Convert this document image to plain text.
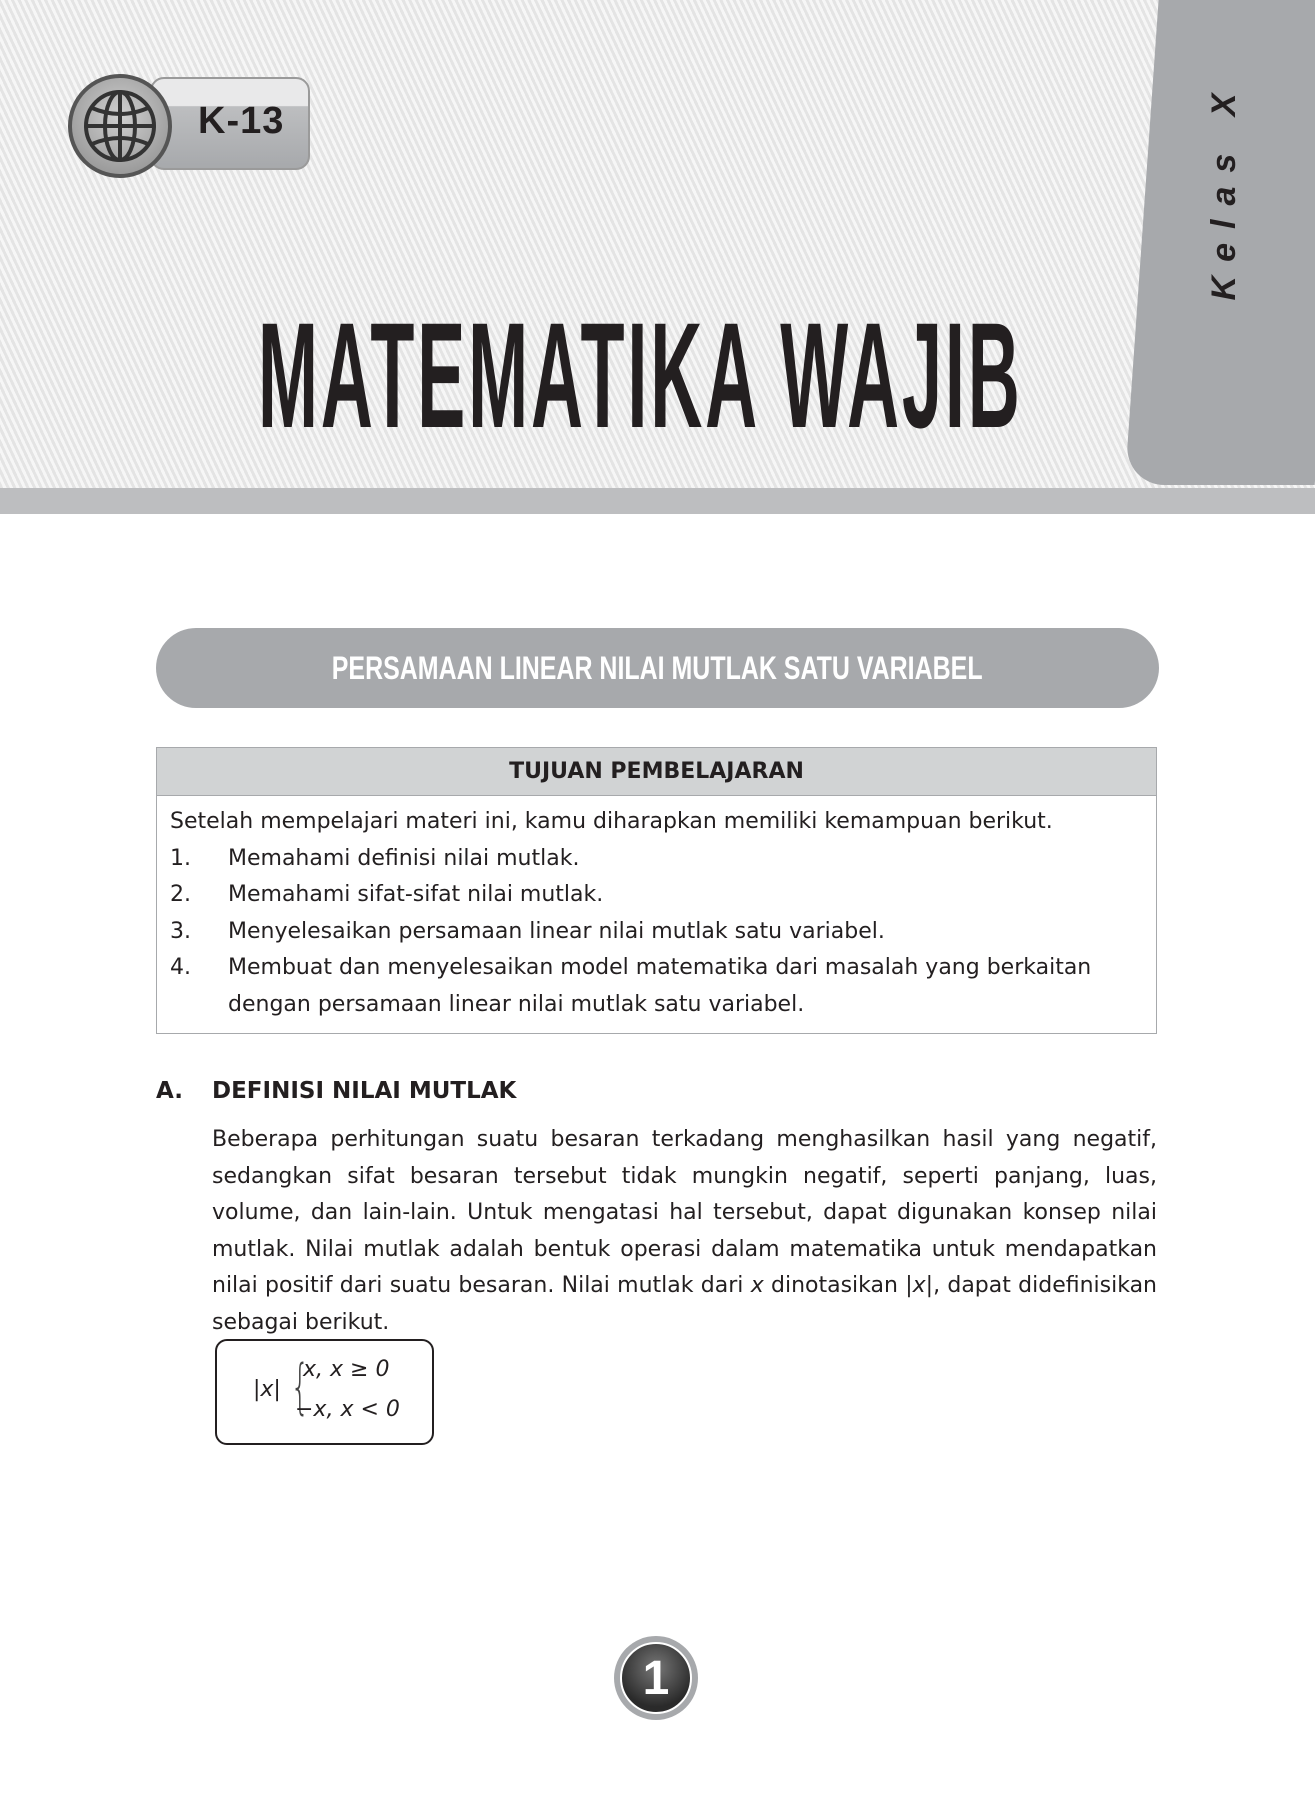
Kelas X
K-13
MATEMATIKA WAJIB
PERSAMAAN LINEAR NILAI MUTLAK SATU VARIABEL
TUJUAN PEMBELAJARAN
Setelah mempelajari materi ini, kamu diharapkan memiliki kemampuan berikut.
1.	Memahami definisi nilai mutlak.
2.	Memahami sifat-sifat nilai mutlak.
3.	Menyelesaikan persamaan linear nilai mutlak satu variabel.
4.	Membuat dan menyelesaikan model matematika dari masalah yang berkaitan dengan persamaan linear nilai mutlak satu variabel.
A.	DEFINISI NILAI MUTLAK
Beberapa perhitungan suatu besaran terkadang menghasilkan hasil yang negatif, sedangkan sifat besaran tersebut tidak mungkin negatif, seperti panjang, luas, volume, dan lain-lain. Untuk mengatasi hal tersebut, dapat digunakan konsep nilai mutlak. Nilai mutlak adalah bentuk operasi dalam matematika untuk mendapatkan nilai positif dari suatu besaran. Nilai mutlak dari x dinotasikan |x|, dapat didefinisikan sebagai berikut.
|x| {
x, x ≥ 0
−x, x < 0
1
